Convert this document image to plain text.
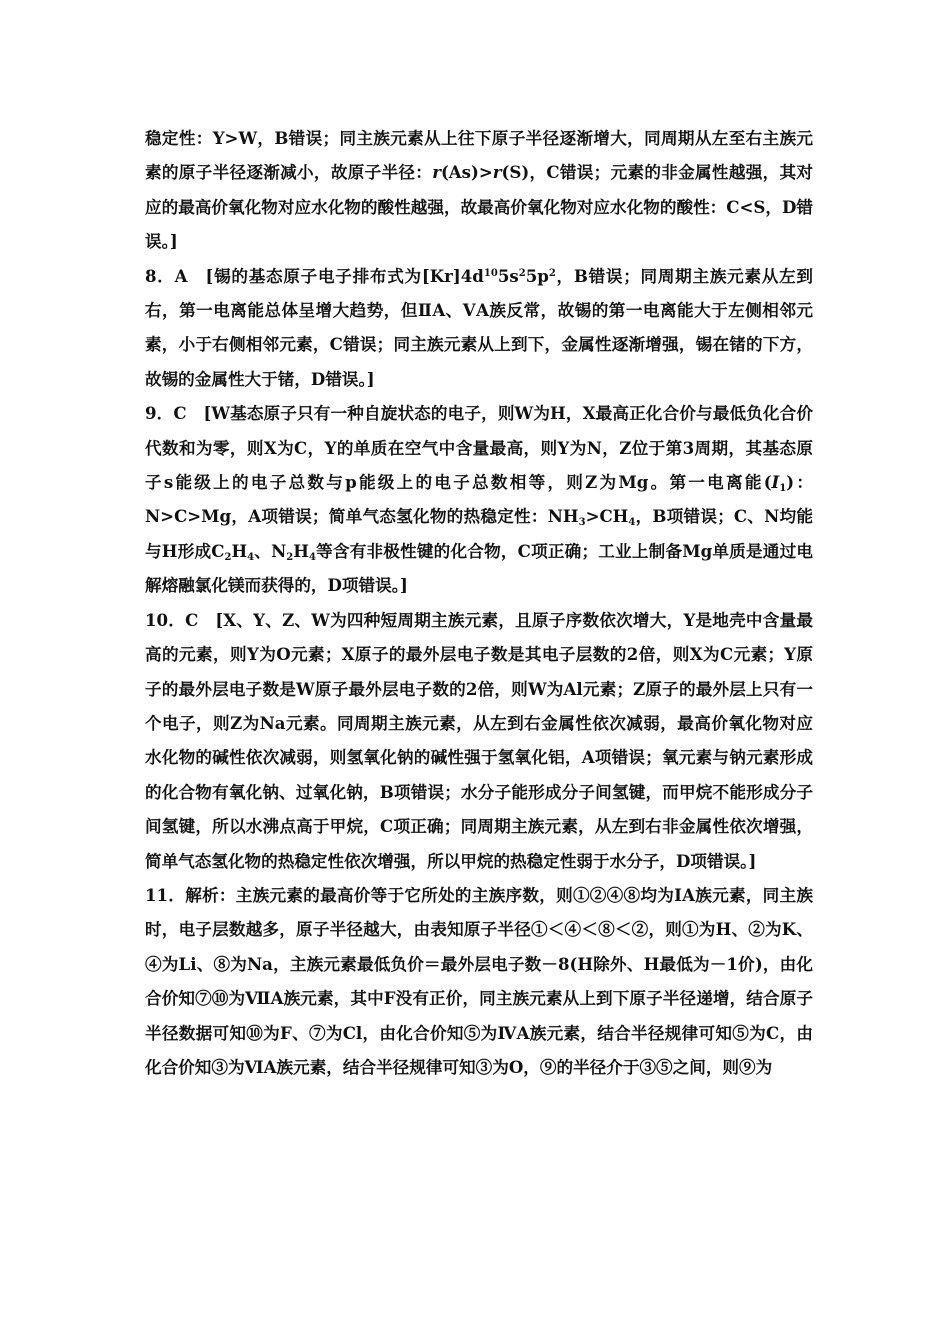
稳定性：Y>W，B错误；同主族元素从上往下原子半径逐渐增大，同周期从左至右主族元素的原子半径逐渐减小，故原子半径：r(As)>r(S)，C错误；元素的非金属性越强，其对应的最高价氧化物对应水化物的酸性越强，故最高价氧化物对应水化物的酸性：C<S，D错误。]

8．A　[锡的基态原子电子排布式为$[Kr]4d^{10}5s^25p^2$，B错误；同周期主族元素从左到右，第一电离能总体呈增大趋势，但ⅡA、ⅤA族反常，故锡的第一电离能大于左侧相邻元素，小于右侧相邻元素，C错误；同主族元素从上到下，金属性逐渐增强，锡在锗的下方，故锡的金属性大于锗，D错误。]

9．C　[W基态原子只有一种自旋状态的电子，则W为H，X最高正化合价与最低负化合价代数和为零，则X为C，Y的单质在空气中含量最高，则Y为N，Z位于第3周期，其基态原子s能级上的电子总数与p能级上的电子总数相等，则Z为Mg。第一电离能$(I_1)$：N>C>Mg，A项错误；简单气态氢化物的热稳定性：$NH_3>CH_4$，B项错误；C、N均能与H形成$C_2H_4$、$N_2H_4$等含有非极性键的化合物，C项正确；工业上制备Mg单质是通过电解熔融氯化镁而获得的，D项错误。]

10．C　[X、Y、Z、W为四种短周期主族元素，且原子序数依次增大，Y是地壳中含量最高的元素，则Y为O元素；X原子的最外层电子数是其电子层数的2倍，则X为C元素；Y原子的最外层电子数是W原子最外层电子数的2倍，则W为Al元素；Z原子的最外层上只有一个电子，则Z为Na元素。同周期主族元素，从左到右金属性依次减弱，最高价氧化物对应水化物的碱性依次减弱，则氢氧化钠的碱性强于氢氧化铝，A项错误；氧元素与钠元素形成的化合物有氧化钠、过氧化钠，B项错误；水分子能形成分子间氢键，而甲烷不能形成分子间氢键，所以水沸点高于甲烷，C项正确；同周期主族元素，从左到右非金属性依次增强，简单气态氢化物的热稳定性依次增强，所以甲烷的热稳定性弱于水分子，D项错误。]

11．解析：主族元素的最高价等于它所处的主族序数，则①②④⑧均为ⅠA族元素，同主族时，电子层数越多，原子半径越大，由表知原子半径①＜④＜⑧＜②，则①为H、②为K、④为Li、⑧为Na，主族元素最低负价＝最外层电子数－8(H除外、H最低为－1价)，由化合价知⑦⑩为ⅦA族元素，其中F没有正价，同主族元素从上到下原子半径递增，结合原子半径数据可知⑩为F、⑦为Cl，由化合价知⑤为ⅣA族元素，结合半径规律可知⑤为C，由化合价知③为ⅥA族元素，结合半径规律可知③为O，⑨的半径介于③⑤之间，则⑨为
